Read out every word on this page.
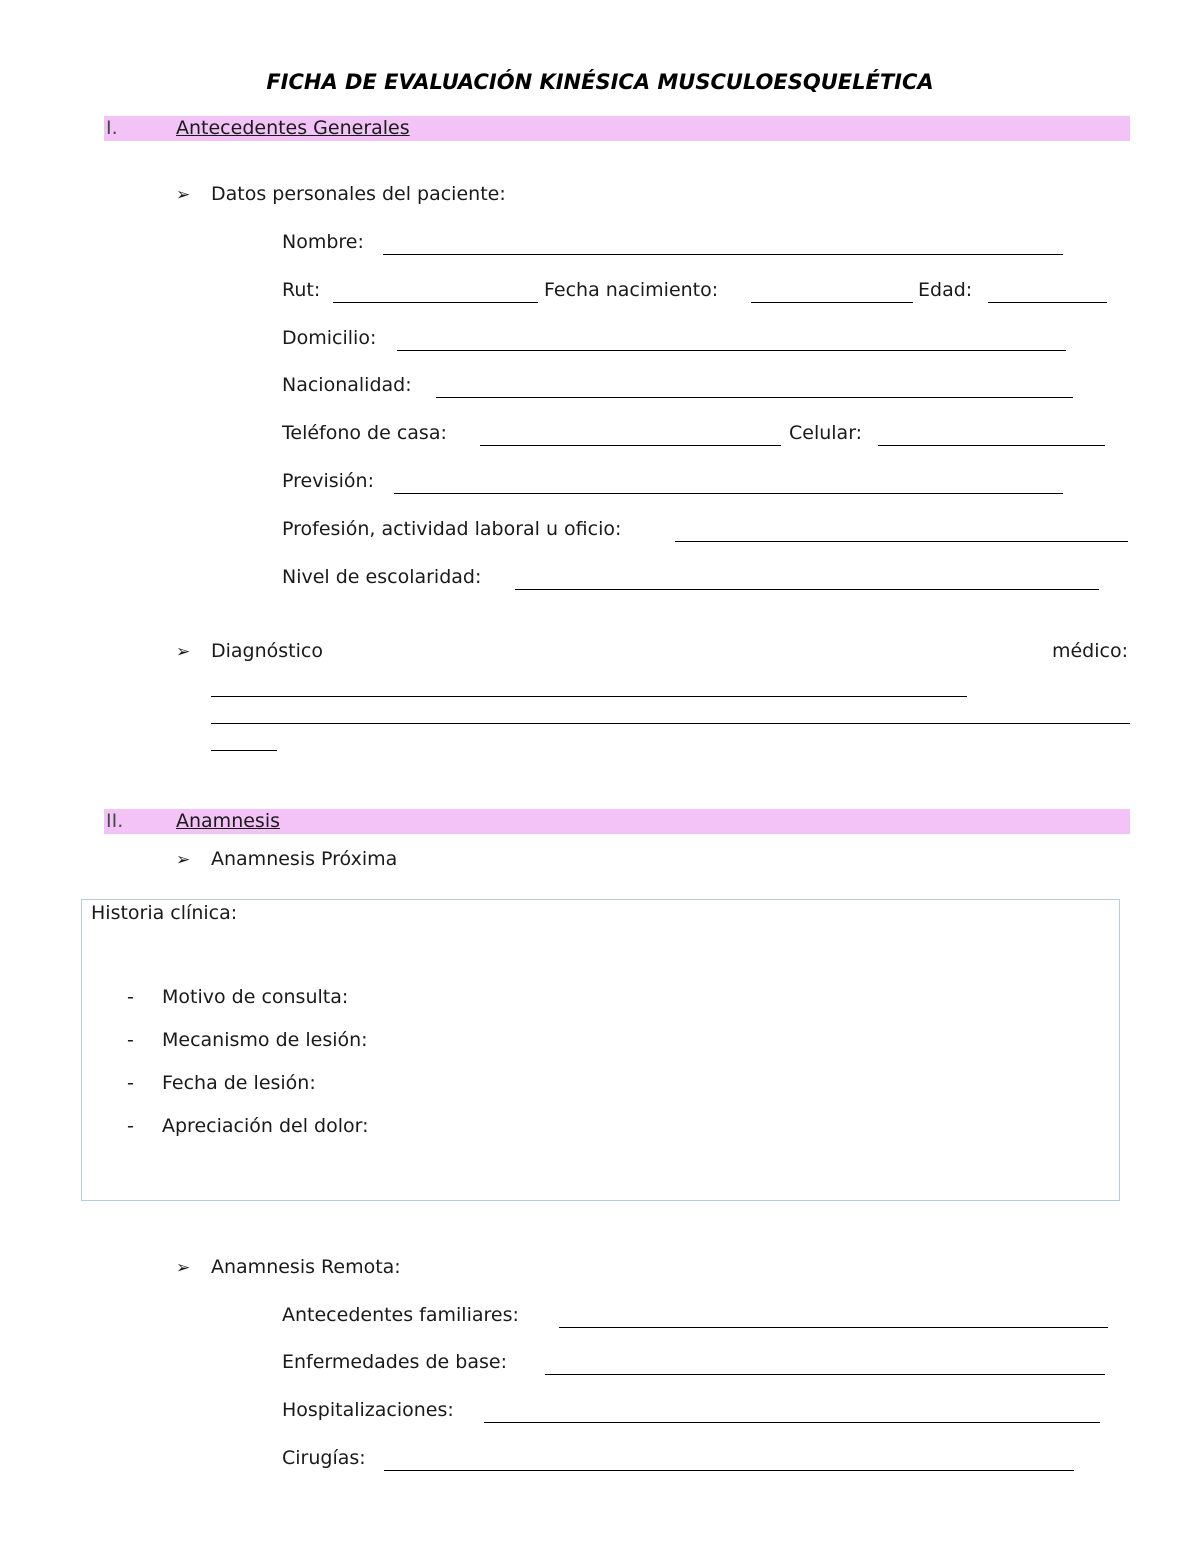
FICHA DE EVALUACIÓN KINÉSICA MUSCULOESQUELÉTICA
I.	Antecedentes Generales
➢ Datos personales del paciente:
Nombre:
Rut:	Fecha nacimiento:	Edad:
Domicilio:
Nacionalidad:
Teléfono de casa:	Celular:
Previsión:
Profesión, actividad laboral u oficio:
Nivel de escolaridad:
➢ Diagnóstico	médico:
II.	Anamnesis
➢ Anamnesis Próxima
Historia clínica:
- Motivo de consulta:
- Mecanismo de lesión:
- Fecha de lesión:
- Apreciación del dolor:
➢ Anamnesis Remota:
Antecedentes familiares:
Enfermedades de base:
Hospitalizaciones:
Cirugías:
